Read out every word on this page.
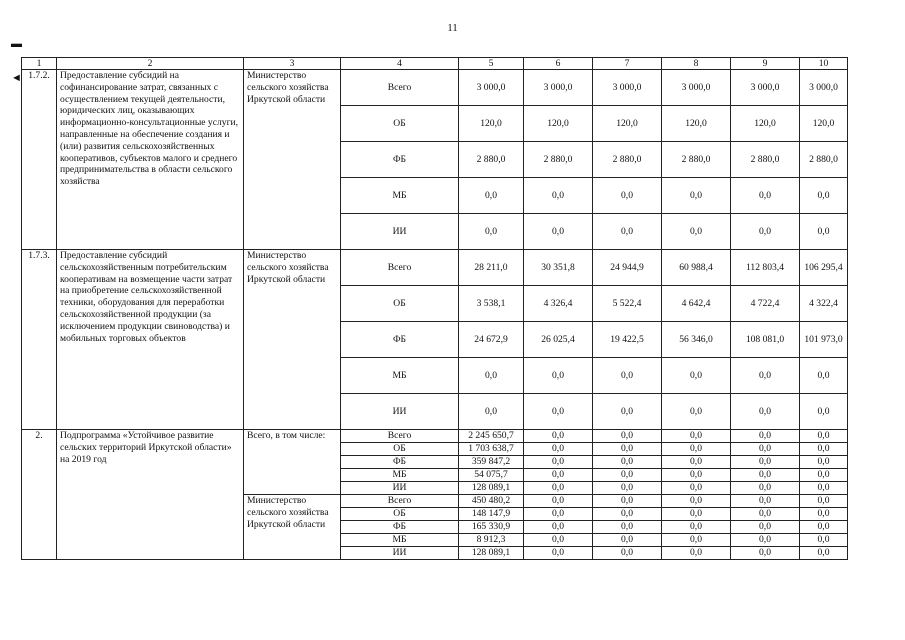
11
▬
◄
1	2	3	4	5	6	7	8	9	10
1.7.2.	Предоставление субсидий на софинансирование затрат, связанных с осуществлением текущей деятельности, юридических лиц, оказывающих информационно-консультационные услуги, направленные на обеспечение создания и (или) развития сельскохозяйственных кооперативов, субъектов малого и среднего предпринимательства в области сельского хозяйства	Министерство сельского хозяйства Иркутской области	Всего	3 000,0	3 000,0	3 000,0	3 000,0	3 000,0	3 000,0
			ОБ	120,0	120,0	120,0	120,0	120,0	120,0
			ФБ	2 880,0	2 880,0	2 880,0	2 880,0	2 880,0	2 880,0
			МБ	0,0	0,0	0,0	0,0	0,0	0,0
			ИИ	0,0	0,0	0,0	0,0	0,0	0,0
1.7.3.	Предоставление субсидий сельскохозяйственным потребительским кооперативам на возмещение части затрат на приобретение сельскохозяйственной техники, оборудования для переработки сельскохозяйственной продукции (за исключением продукции свиноводства) и мобильных торговых объектов	Министерство сельского хозяйства Иркутской области	Всего	28 211,0	30 351,8	24 944,9	60 988,4	112 803,4	106 295,4
			ОБ	3 538,1	4 326,4	5 522,4	4 642,4	4 722,4	4 322,4
			ФБ	24 672,9	26 025,4	19 422,5	56 346,0	108 081,0	101 973,0
			МБ	0,0	0,0	0,0	0,0	0,0	0,0
			ИИ	0,0	0,0	0,0	0,0	0,0	0,0
2.	Подпрограмма «Устойчивое развитие сельских территорий Иркутской области» на 2019 год	Всего, в том числе:	Всего	2 245 650,7	0,0	0,0	0,0	0,0	0,0
			ОБ	1 703 638,7	0,0	0,0	0,0	0,0	0,0
			ФБ	359 847,2	0,0	0,0	0,0	0,0	0,0
			МБ	54 075,7	0,0	0,0	0,0	0,0	0,0
			ИИ	128 089,1	0,0	0,0	0,0	0,0	0,0
		Министерство сельского хозяйства Иркутской области	Всего	450 480,2	0,0	0,0	0,0	0,0	0,0
			ОБ	148 147,9	0,0	0,0	0,0	0,0	0,0
			ФБ	165 330,9	0,0	0,0	0,0	0,0	0,0
			МБ	8 912,3	0,0	0,0	0,0	0,0	0,0
			ИИ	128 089,1	0,0	0,0	0,0	0,0	0,0
